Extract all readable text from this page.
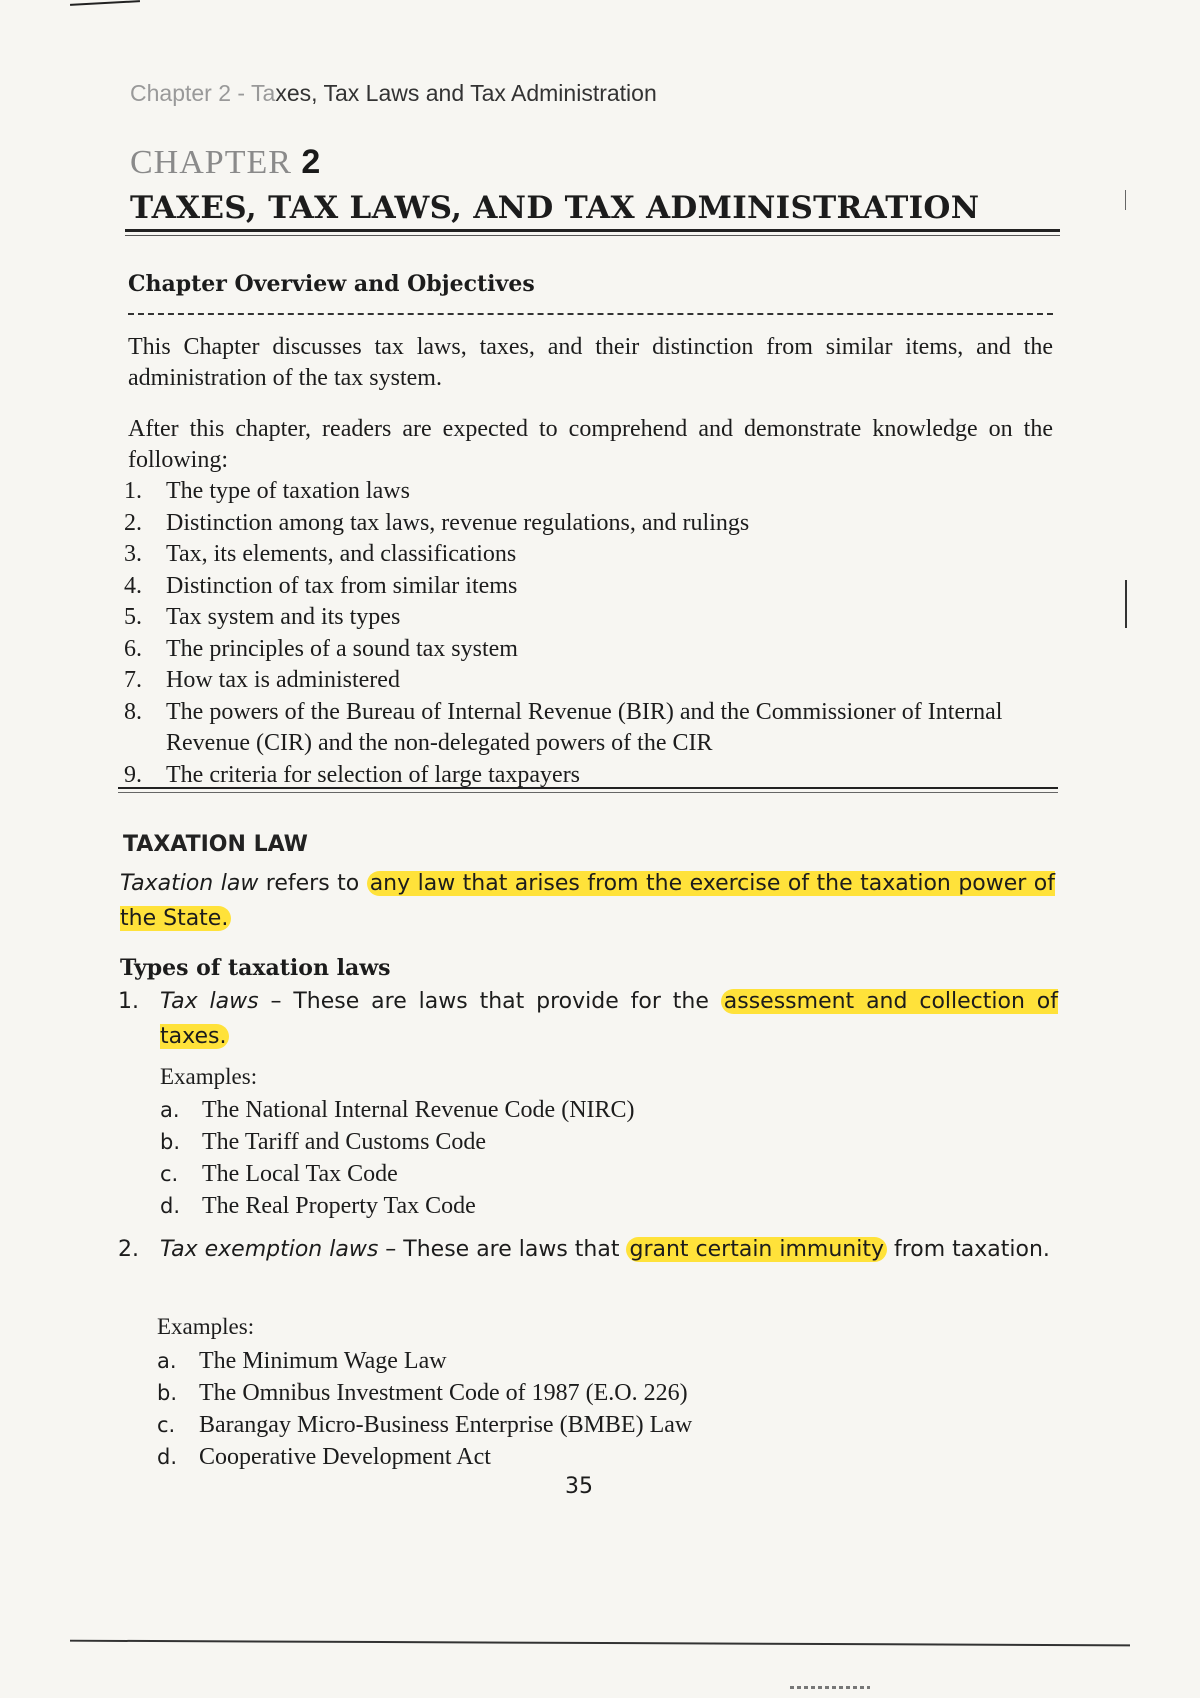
Chapter 2 - Taxes, Tax Laws and Tax Administration
CHAPTER 2
TAXES, TAX LAWS, AND TAX ADMINISTRATION
Chapter Overview and Objectives
This Chapter discusses tax laws, taxes, and their distinction from similar items, and the administration of the tax system.
After this chapter, readers are expected to comprehend and demonstrate knowledge on the following:
1. The type of taxation laws
2. Distinction among tax laws, revenue regulations, and rulings
3. Tax, its elements, and classifications
4. Distinction of tax from similar items
5. Tax system and its types
6. The principles of a sound tax system
7. How tax is administered
8. The powers of the Bureau of Internal Revenue (BIR) and the Commissioner of Internal Revenue (CIR) and the non-delegated powers of the CIR
9. The criteria for selection of large taxpayers
TAXATION LAW
Taxation law refers to any law that arises from the exercise of the taxation power of the State.
Types of taxation laws
1. Tax laws – These are laws that provide for the assessment and collection of taxes.
Examples:
a. The National Internal Revenue Code (NIRC)
b. The Tariff and Customs Code
c. The Local Tax Code
d. The Real Property Tax Code
2. Tax exemption laws – These are laws that grant certain immunity from taxation.
Examples:
a. The Minimum Wage Law
b. The Omnibus Investment Code of 1987 (E.O. 226)
c. Barangay Micro-Business Enterprise (BMBE) Law
d. Cooperative Development Act
35
